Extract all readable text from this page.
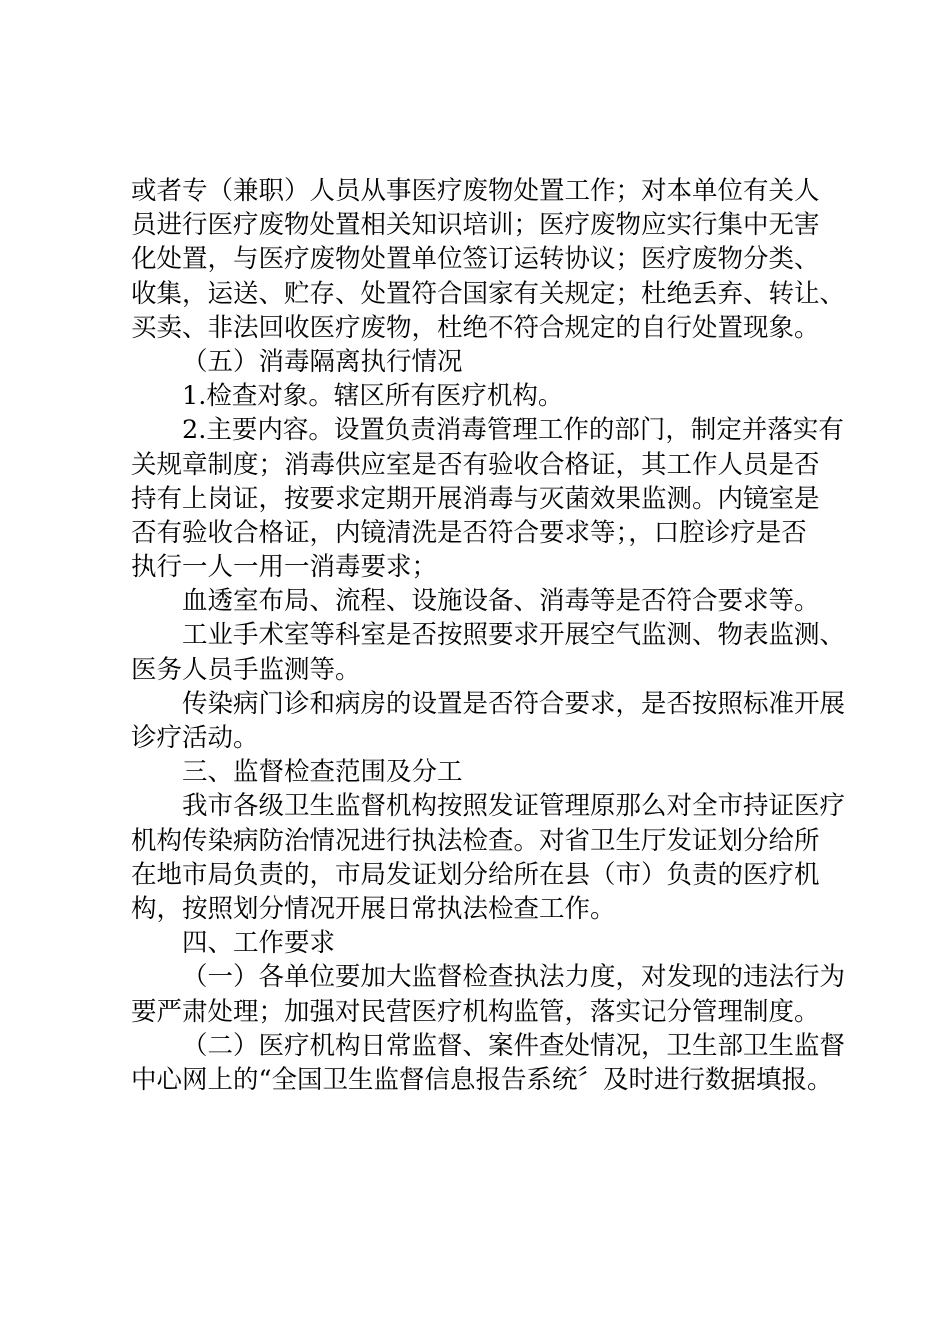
或者专（兼职）人员从事医疗废物处置工作；对本单位有关人
员进行医疗废物处置相关知识培训；医疗废物应实行集中无害
化处置，与医疗废物处置单位签订运转协议；医疗废物分类、
收集，运送、贮存、处置符合国家有关规定；杜绝丢弃、转让、
买卖、非法回收医疗废物，杜绝不符合规定的自行处置现象。
（五）消毒隔离执行情况
1.检查对象。辖区所有医疗机构。
2.主要内容。设置负责消毒管理工作的部门，制定并落实有
关规章制度；消毒供应室是否有验收合格证，其工作人员是否
持有上岗证，按要求定期开展消毒与灭菌效果监测。内镜室是
否有验收合格证，内镜清洗是否符合要求等；，口腔诊疗是否
执行一人一用一消毒要求；
血透室布局、流程、设施设备、消毒等是否符合要求等。
工业手术室等科室是否按照要求开展空气监测、物表监测、
医务人员手监测等。
传染病门诊和病房的设置是否符合要求，是否按照标准开展
诊疗活动。
三、监督检查范围及分工
我市各级卫生监督机构按照发证管理原那么对全市持证医疗
机构传染病防治情况进行执法检查。对省卫生厅发证划分给所
在地市局负责的，市局发证划分给所在县（市）负责的医疗机
构，按照划分情况开展日常执法检查工作。
四、工作要求
（一）各单位要加大监督检查执法力度，对发现的违法行为
要严肃处理；加强对民营医疗机构监管，落实记分管理制度。
（二）医疗机构日常监督、案件查处情况，卫生部卫生监督
中心网上的“全国卫生监督信息报告系统〞及时进行数据填报。
